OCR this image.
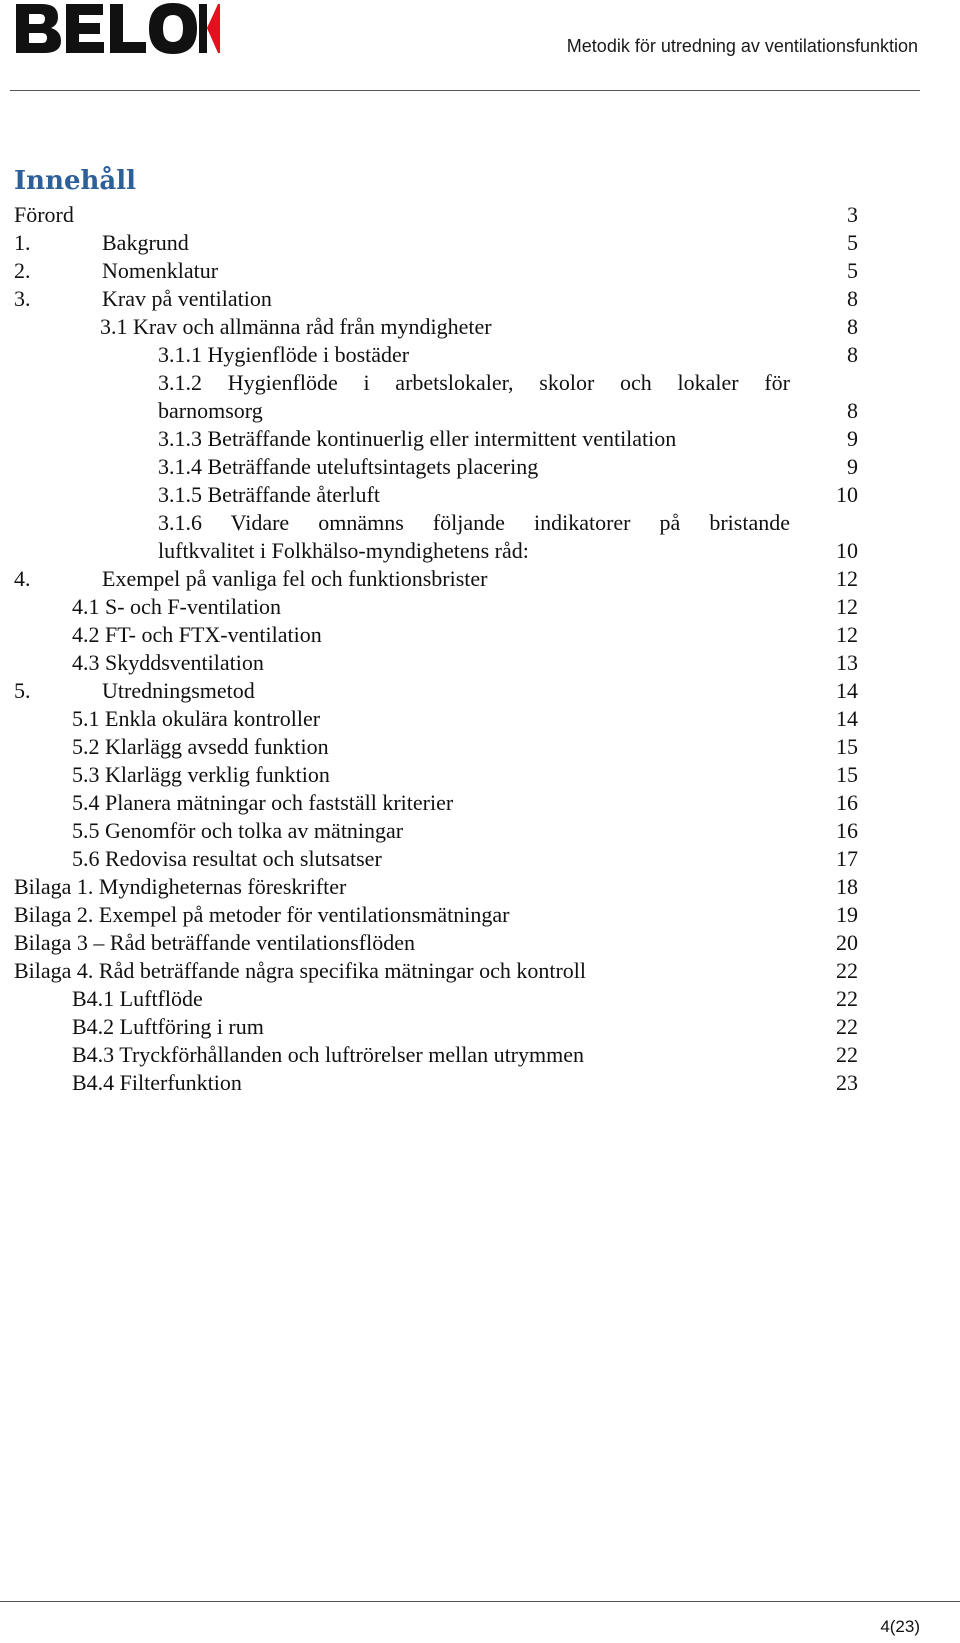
Metodik för utredning av ventilationsfunktion
Innehåll
Förord	3
1.	Bakgrund	5
2.	Nomenklatur	5
3.	Krav på ventilation	8
3.1 Krav och allmänna råd från myndigheter	8
3.1.1 Hygienflöde i bostäder	8
3.1.2 Hygienflöde i arbetslokaler, skolor och lokaler för
barnomsorg	8
3.1.3 Beträffande kontinuerlig eller intermittent ventilation	9
3.1.4 Beträffande uteluftsintagets placering	9
3.1.5 Beträffande återluft	10
3.1.6 Vidare omnämns följande indikatorer på bristande
luftkvalitet i Folkhälso-myndighetens råd:	10
4.	Exempel på vanliga fel och funktionsbrister	12
4.1 S- och F-ventilation	12
4.2 FT- och FTX-ventilation	12
4.3 Skyddsventilation	13
5.	Utredningsmetod	14
5.1 Enkla okulära kontroller	14
5.2 Klarlägg avsedd funktion	15
5.3 Klarlägg verklig funktion	15
5.4 Planera mätningar och fastställ kriterier	16
5.5 Genomför och tolka av mätningar	16
5.6 Redovisa resultat och slutsatser	17
Bilaga 1. Myndigheternas föreskrifter	18
Bilaga 2. Exempel på metoder för ventilationsmätningar	19
Bilaga 3 – Råd beträffande ventilationsflöden	20
Bilaga 4. Råd beträffande några specifika mätningar och kontroll	22
B4.1 Luftflöde	22
B4.2 Luftföring i rum	22
B4.3 Tryckförhållanden och luftrörelser mellan utrymmen	22
B4.4 Filterfunktion	23
4(23)
